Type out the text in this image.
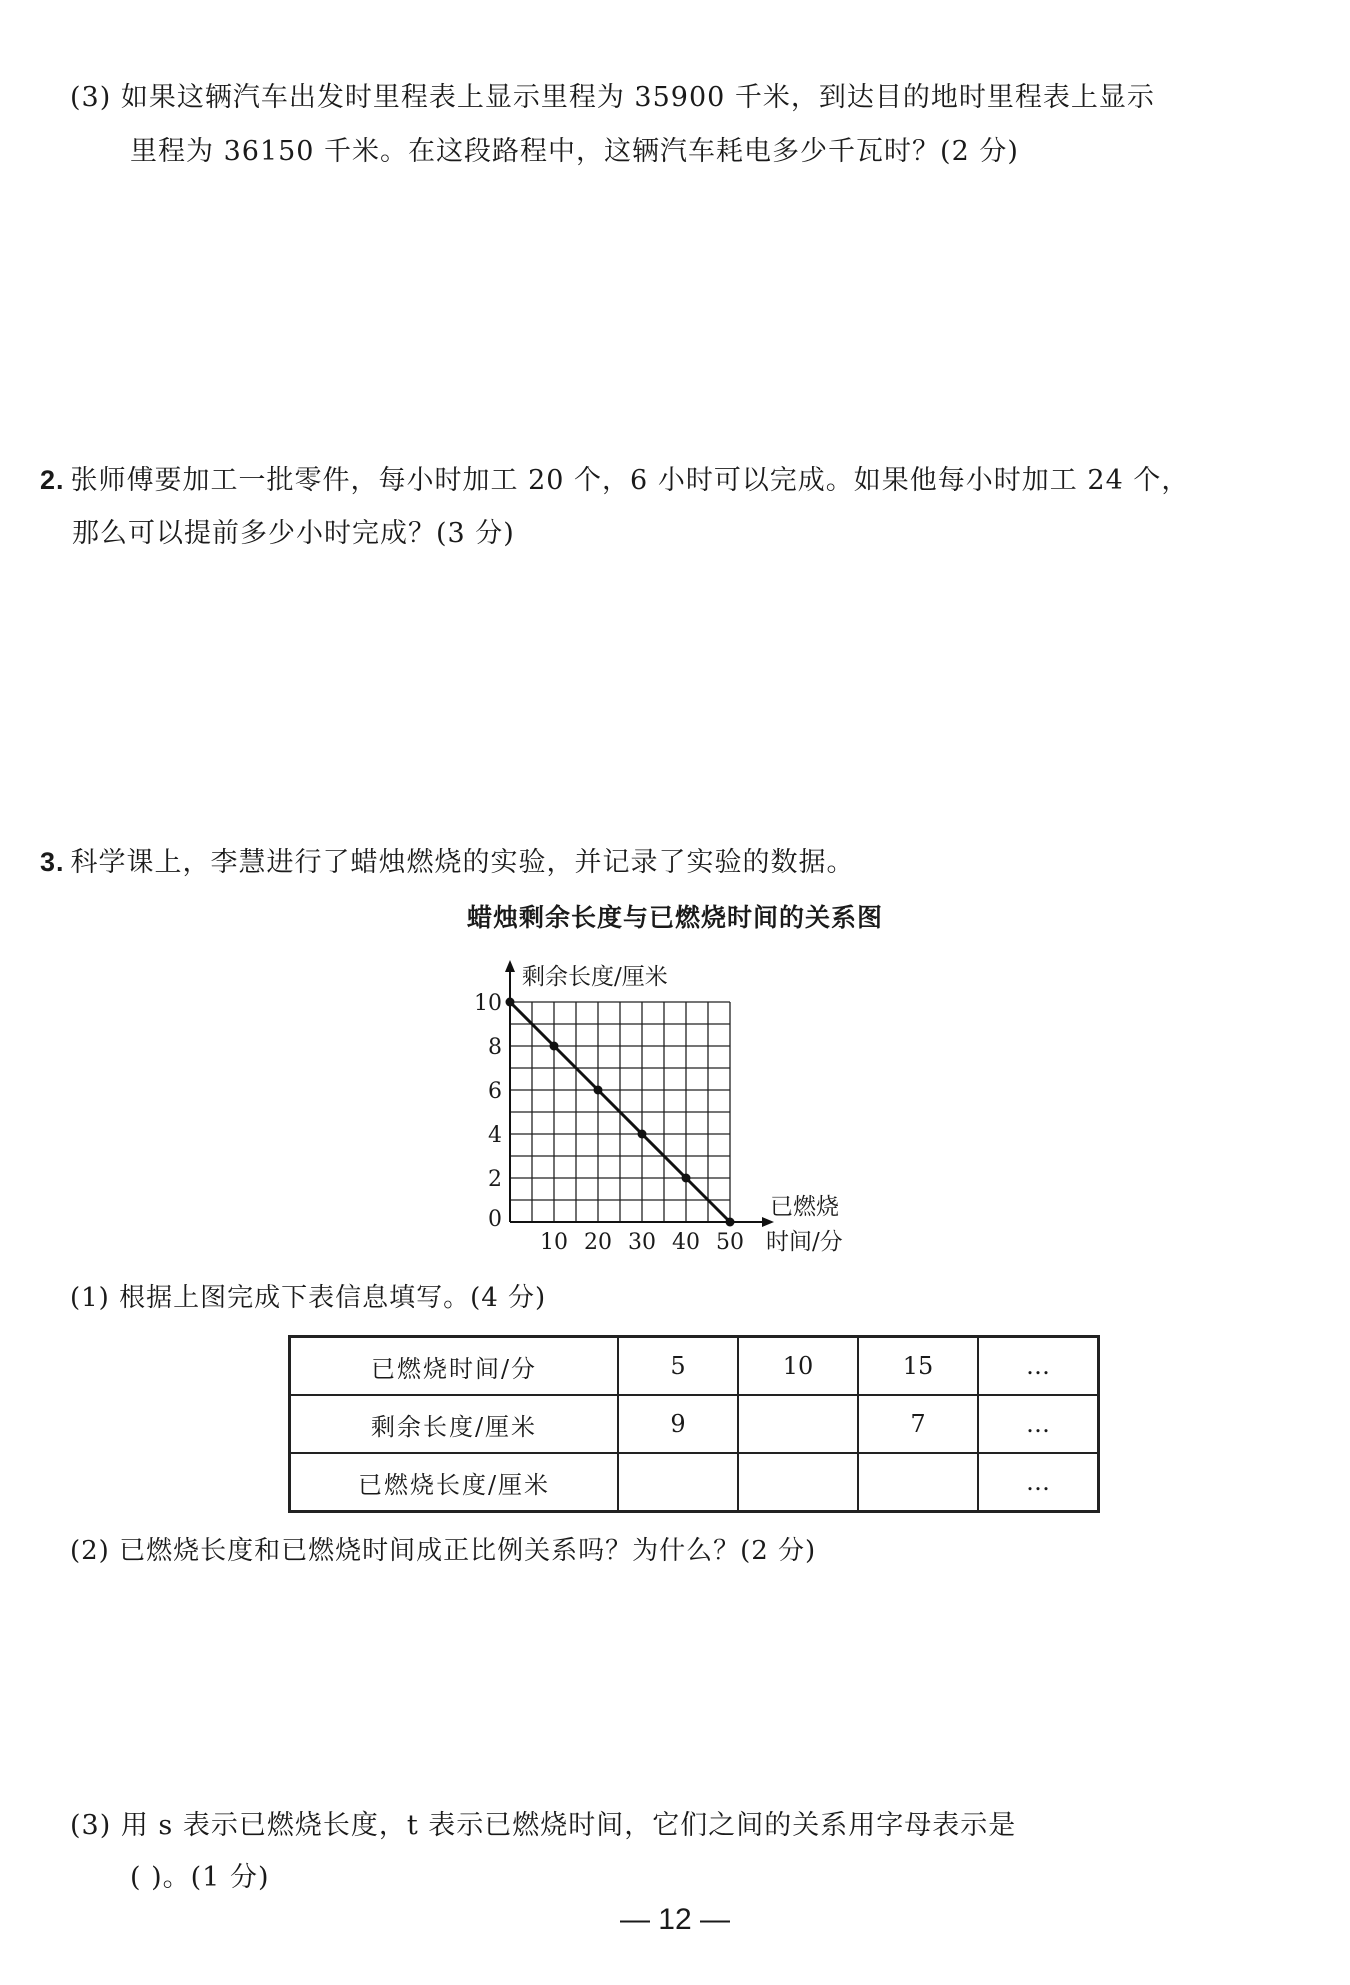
(3) 如果这辆汽车出发时里程表上显示里程为 35900 千米，到达目的地时里程表上显示
里程为 36150 千米。在这段路程中，这辆汽车耗电多少千瓦时？(2 分)
2. 张师傅要加工一批零件，每小时加工 20 个，6 小时可以完成。如果他每小时加工 24 个，
那么可以提前多少小时完成？(3 分)
3. 科学课上，李慧进行了蜡烛燃烧的实验，并记录了实验的数据。
蜡烛剩余长度与已燃烧时间的关系图
10 20 30 40 50
0
2
4
6
8
10
剩余长度/厘米
已燃烧
时间/分
(1) 根据上图完成下表信息填写。(4 分)
已燃烧时间/分	5	10	15	…
剩余长度/厘米	9		7	…
已燃烧长度/厘米				…
(2) 已燃烧长度和已燃烧时间成正比例关系吗？为什么？(2 分)
(3) 用 s 表示已燃烧长度，t 表示已燃烧时间，它们之间的关系用字母表示是
( )。(1 分)
— 12 —
